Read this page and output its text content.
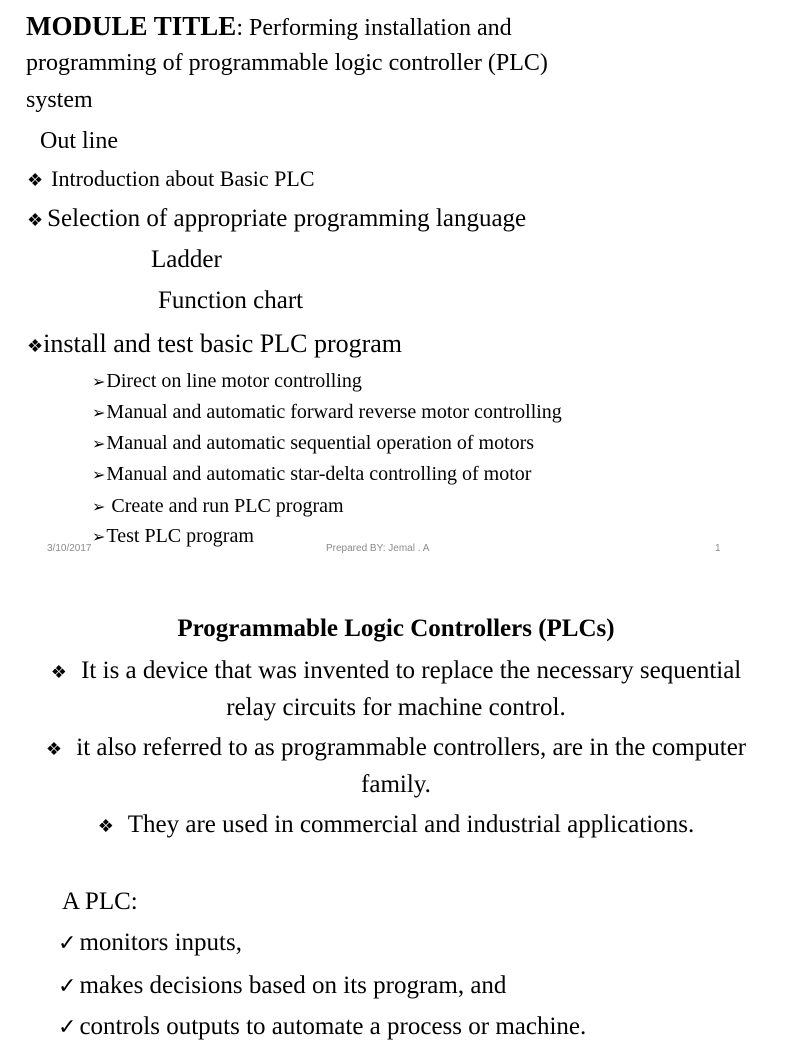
MODULE TITLE: Performing installation and
programming of programmable logic controller (PLC)
system
Out line
❖ Introduction about Basic PLC
❖ Selection of appropriate programming language
Ladder
Function chart
❖install and test basic PLC program
➢Direct on line motor controlling
➢Manual and automatic forward reverse motor controlling
➢Manual and automatic sequential operation of motors
➢Manual and automatic star-delta controlling of motor
➢ Create and run PLC program
➢Test PLC program
3/10/2017	Prepared BY: Jemal . A	1
Programmable Logic Controllers (PLCs)
❖ It is a device that was invented to replace the necessary sequential relay circuits for machine control.
❖ it also referred to as programmable controllers, are in the computer family.
❖ They are used in commercial and industrial applications.
A PLC:
✓ monitors inputs,
✓ makes decisions based on its program, and
✓ controls outputs to automate a process or machine.
